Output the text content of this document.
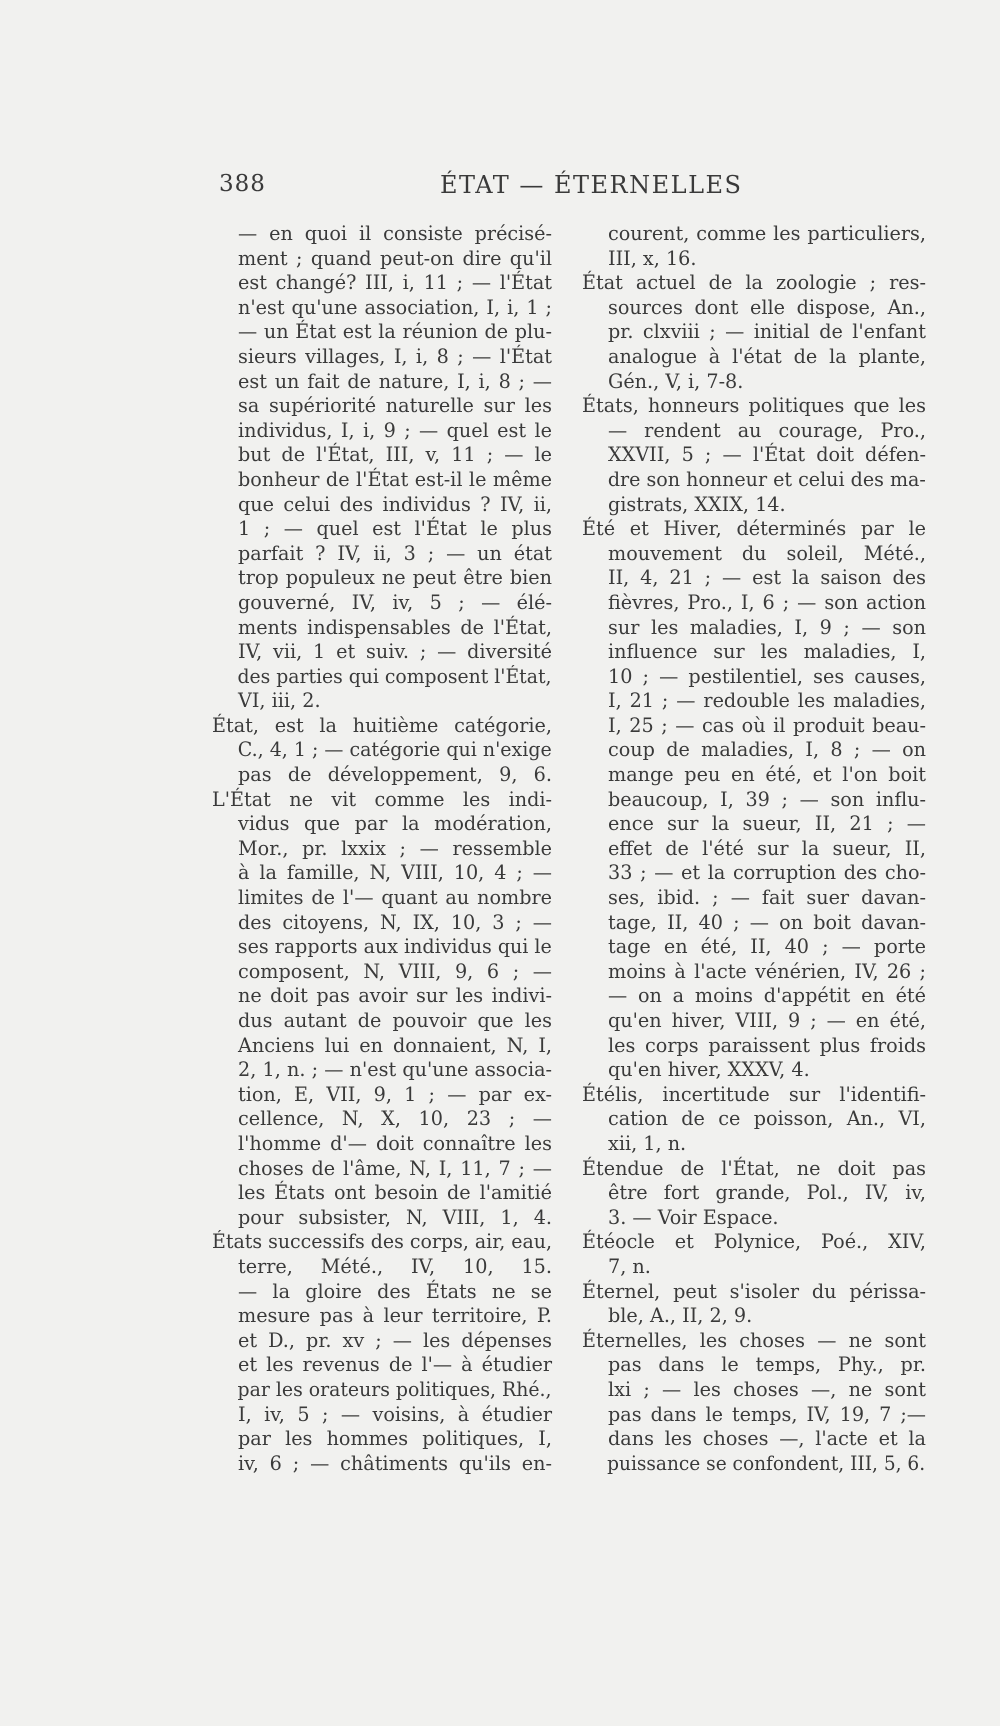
388	ÉTAT — ÉTERNELLES
— en quoi il consiste précisé-
ment ; quand peut-on dire qu'il
est changé? III, i, 11 ; — l'État
n'est qu'une association, I, i, 1 ;
— un État est la réunion de plu-
sieurs villages, I, i, 8 ; — l'État
est un fait de nature, I, i, 8 ; —
sa supériorité naturelle sur les
individus, I, i, 9 ; — quel est le
but de l'État, III, v, 11 ; — le
bonheur de l'État est-il le même
que celui des individus ? IV, ii,
1 ; — quel est l'État le plus
parfait ? IV, ii, 3 ; — un état
trop populeux ne peut être bien
gouverné, IV, iv, 5 ; — élé-
ments indispensables de l'État,
IV, vii, 1 et suiv. ; — diversité
des parties qui composent l'État,
VI, iii, 2.
État, est la huitième catégorie,
C., 4, 1 ; — catégorie qui n'exige
pas de développement, 9, 6.
L'État ne vit comme les indi-
vidus que par la modération,
Mor., pr. lxxix ; — ressemble
à la famille, N, VIII, 10, 4 ; —
limites de l'— quant au nombre
des citoyens, N, IX, 10, 3 ; —
ses rapports aux individus qui le
composent, N, VIII, 9, 6 ; —
ne doit pas avoir sur les indivi-
dus autant de pouvoir que les
Anciens lui en donnaient, N, I,
2, 1, n. ; — n'est qu'une associa-
tion, E, VII, 9, 1 ; — par ex-
cellence, N, X, 10, 23 ; —
l'homme d'— doit connaître les
choses de l'âme, N, I, 11, 7 ; —
les États ont besoin de l'amitié
pour subsister, N, VIII, 1, 4.
États successifs des corps, air, eau,
terre, Mété., IV, 10, 15.
— la gloire des États ne se
mesure pas à leur territoire, P.
et D., pr. xv ; — les dépenses
et les revenus de l'— à étudier
par les orateurs politiques, Rhé.,
I, iv, 5 ; — voisins, à étudier
par les hommes politiques, I,
iv, 6 ; — châtiments qu'ils en-
courent, comme les particuliers,
III, x, 16.
État actuel de la zoologie ; res-
sources dont elle dispose, An.,
pr. clxviii ; — initial de l'enfant
analogue à l'état de la plante,
Gén., V, i, 7-8.
États, honneurs politiques que les
— rendent au courage, Pro.,
XXVII, 5 ; — l'État doit défen-
dre son honneur et celui des ma-
gistrats, XXIX, 14.
Été et Hiver, déterminés par le
mouvement du soleil, Mété.,
II, 4, 21 ; — est la saison des
fièvres, Pro., I, 6 ; — son action
sur les maladies, I, 9 ; — son
influence sur les maladies, I,
10 ; — pestilentiel, ses causes,
I, 21 ; — redouble les maladies,
I, 25 ; — cas où il produit beau-
coup de maladies, I, 8 ; — on
mange peu en été, et l'on boit
beaucoup, I, 39 ; — son influ-
ence sur la sueur, II, 21 ; —
effet de l'été sur la sueur, II,
33 ; — et la corruption des cho-
ses, ibid. ; — fait suer davan-
tage, II, 40 ; — on boit davan-
tage en été, II, 40 ; — porte
moins à l'acte vénérien, IV, 26 ;
— on a moins d'appétit en été
qu'en hiver, VIII, 9 ; — en été,
les corps paraissent plus froids
qu'en hiver, XXXV, 4.
Étélis, incertitude sur l'identifi-
cation de ce poisson, An., VI,
xii, 1, n.
Étendue de l'État, ne doit pas
être fort grande, Pol., IV, iv,
3. — Voir Espace.
Étéocle et Polynice, Poé., XIV,
7, n.
Éternel, peut s'isoler du périssa-
ble, A., II, 2, 9.
Éternelles, les choses — ne sont
pas dans le temps, Phy., pr.
lxi ; — les choses —, ne sont
pas dans le temps, IV, 19, 7 ;—
dans les choses —, l'acte et la
puissance se confondent, III, 5, 6.
